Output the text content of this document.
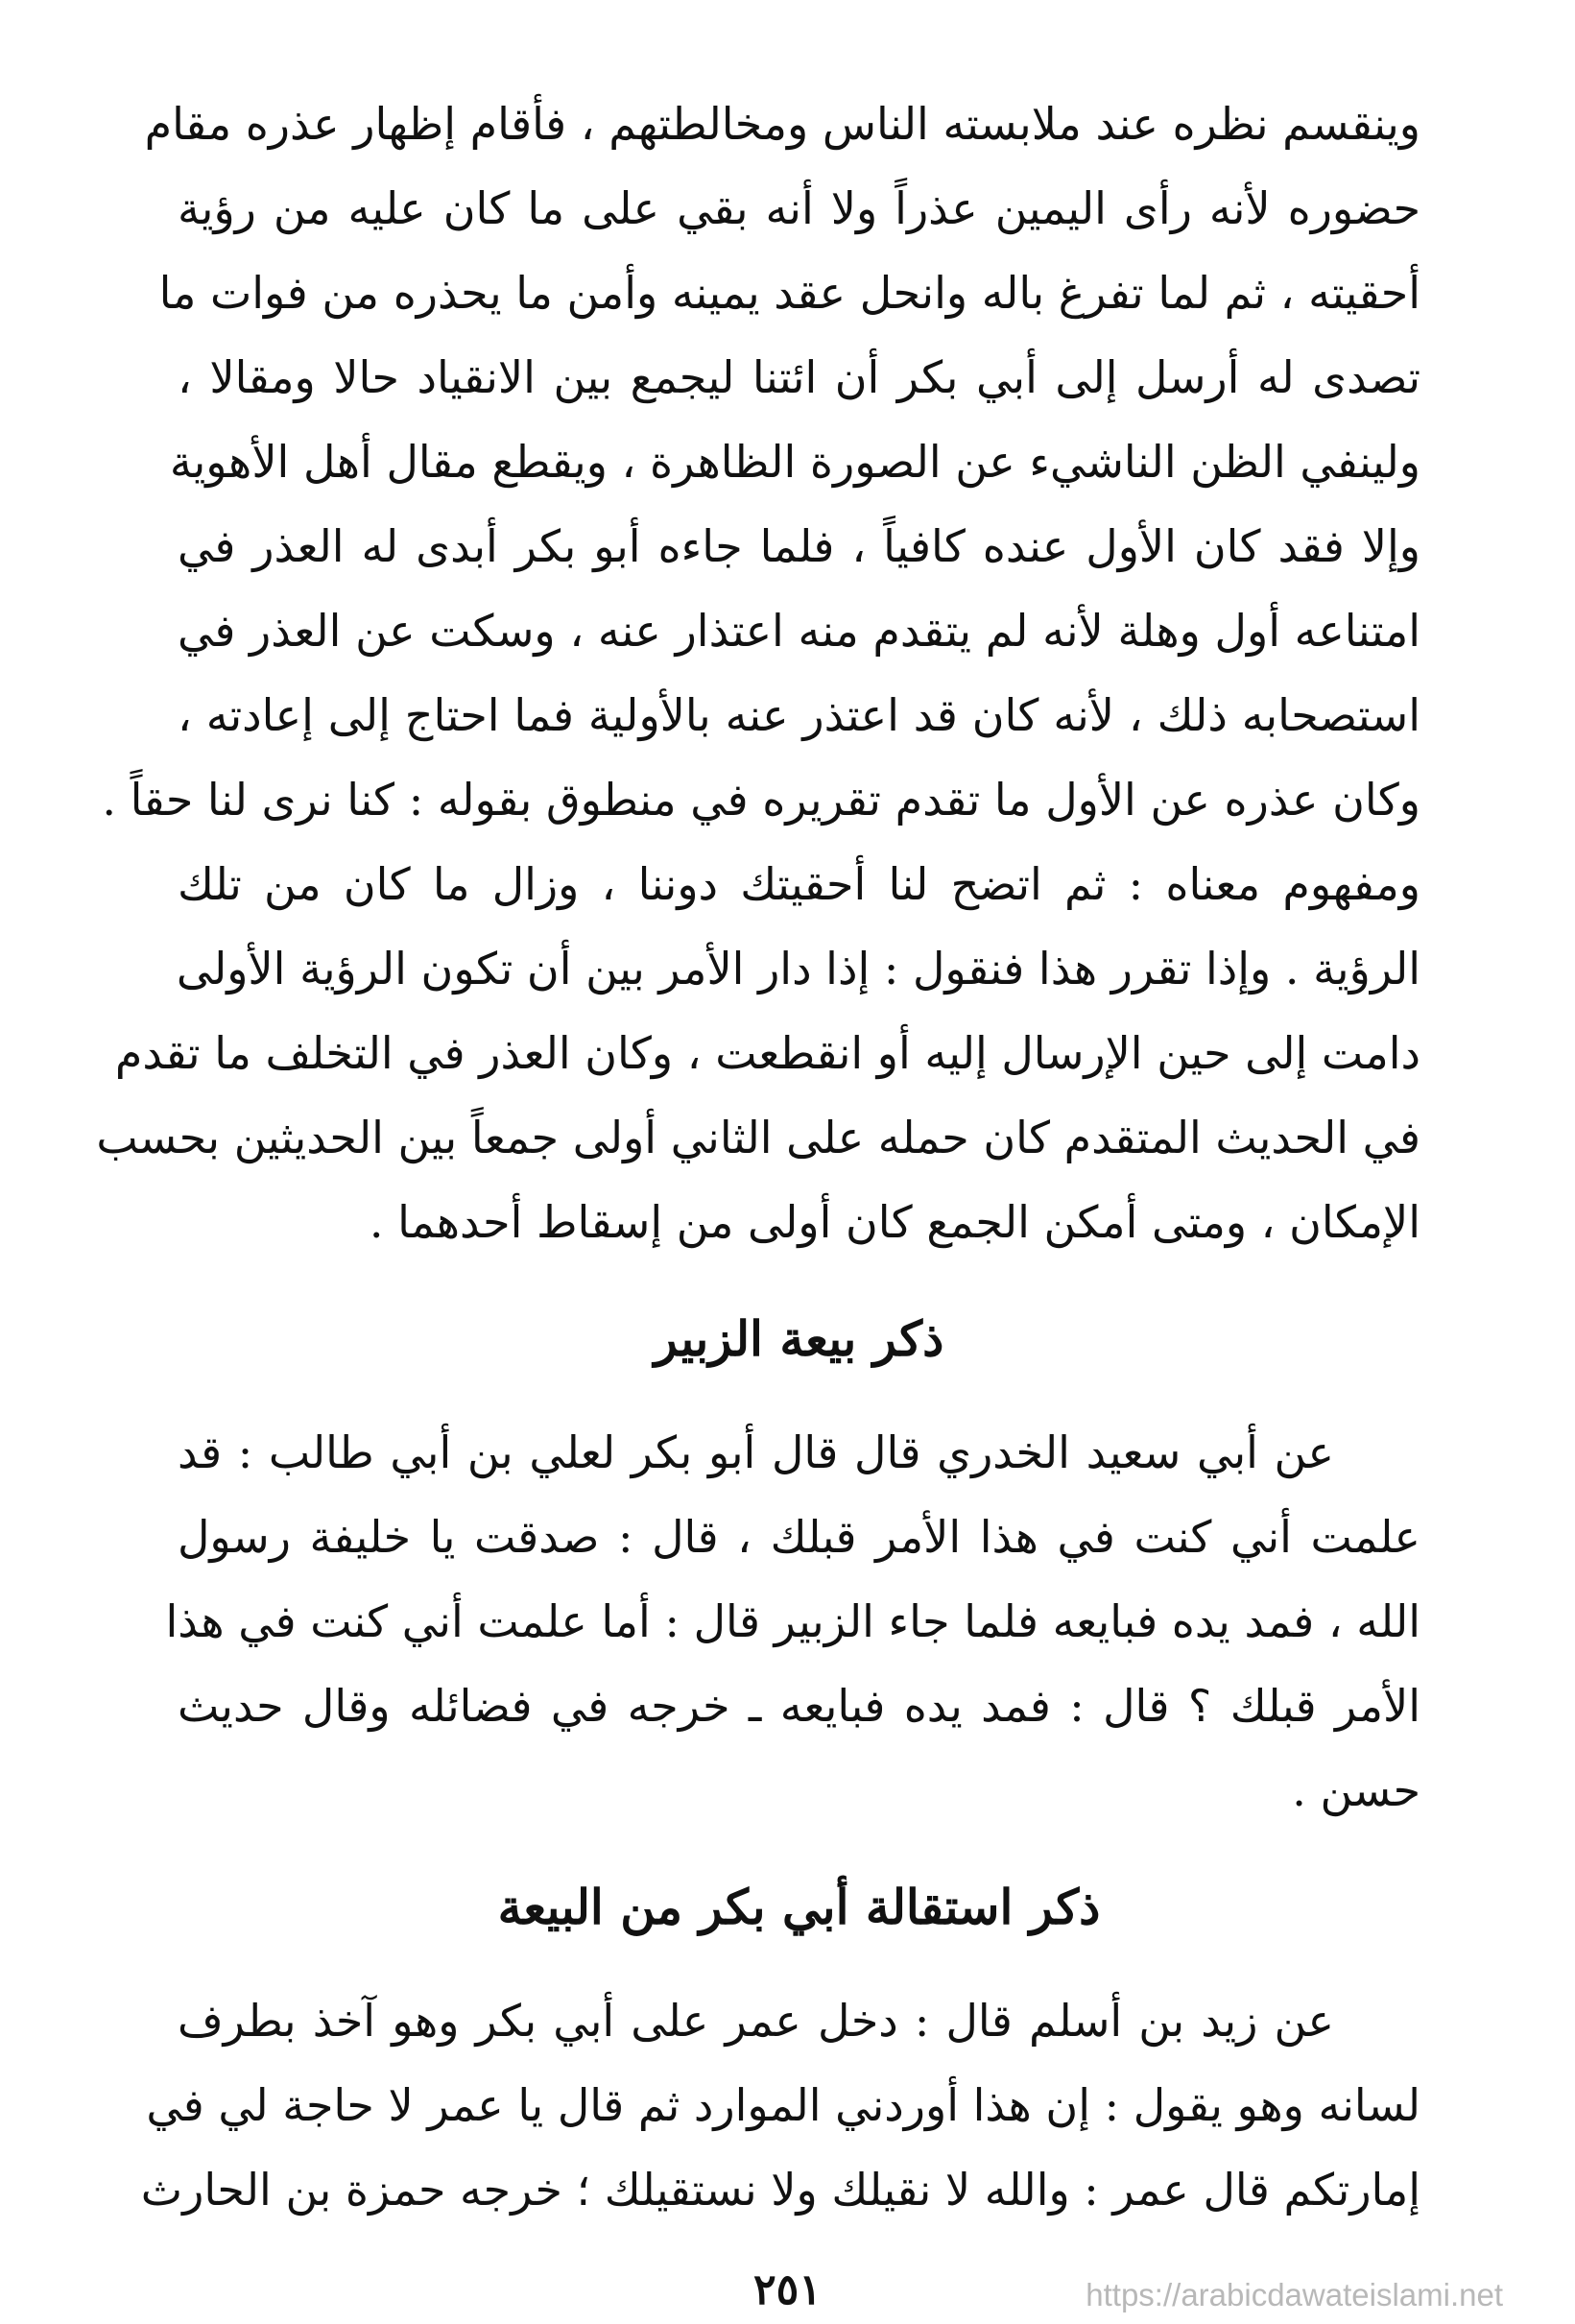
وينقسم نظره عند ملابسته الناس ومخالطتهم ، فأقام إظهار عذره مقام
حضوره لأنه رأى اليمين عذراً ولا أنه بقي على ما كان عليه من رؤية
أحقيته ، ثم لما تفرغ باله وانحل عقد يمينه وأمن ما يحذره من فوات ما
تصدى له أرسل إلى أبي بكر أن ائتنا ليجمع بين الانقياد حالا ومقالا ،
ولينفي الظن الناشيء عن الصورة الظاهرة ، ويقطع مقال أهل الأهوية
وإلا فقد كان الأول عنده كافياً ، فلما جاءه أبو بكر أبدى له العذر في
امتناعه أول وهلة لأنه لم يتقدم منه اعتذار عنه ، وسكت عن العذر في
استصحابه ذلك ، لأنه كان قد اعتذر عنه بالأولية فما احتاج إلى إعادته ،
وكان عذره عن الأول ما تقدم تقريره في منطوق بقوله : كنا نرى لنا حقاً .
ومفهوم معناه : ثم اتضح لنا أحقيتك دوننا ، وزال ما كان من تلك
الرؤية . وإذا تقرر هذا فنقول : إذا دار الأمر بين أن تكون الرؤية الأولى
دامت إلى حين الإرسال إليه أو انقطعت ، وكان العذر في التخلف ما تقدم
في الحديث المتقدم كان حمله على الثاني أولى جمعاً بين الحديثين بحسب
الإمكان ، ومتى أمكن الجمع كان أولى من إسقاط أحدهما .

ذكر بيعة الزبير

عن أبي سعيد الخدري قال قال أبو بكر لعلي بن أبي طالب : قد
علمت أني كنت في هذا الأمر قبلك ، قال : صدقت يا خليفة رسول
الله ، فمد يده فبايعه فلما جاء الزبير قال : أما علمت أني كنت في هذا
الأمر قبلك ؟ قال : فمد يده فبايعه ـ خرجه في فضائله وقال حديث
حسن .

ذكر استقالة أبي بكر من البيعة

عن زيد بن أسلم قال : دخل عمر على أبي بكر وهو آخذ بطرف
لسانه وهو يقول : إن هذا أوردني الموارد ثم قال يا عمر لا حاجة لي في
إمارتكم قال عمر : والله لا نقيلك ولا نستقيلك ؛ خرجه حمزة بن الحارث

٢٥١	https://arabicdawateislami.net
